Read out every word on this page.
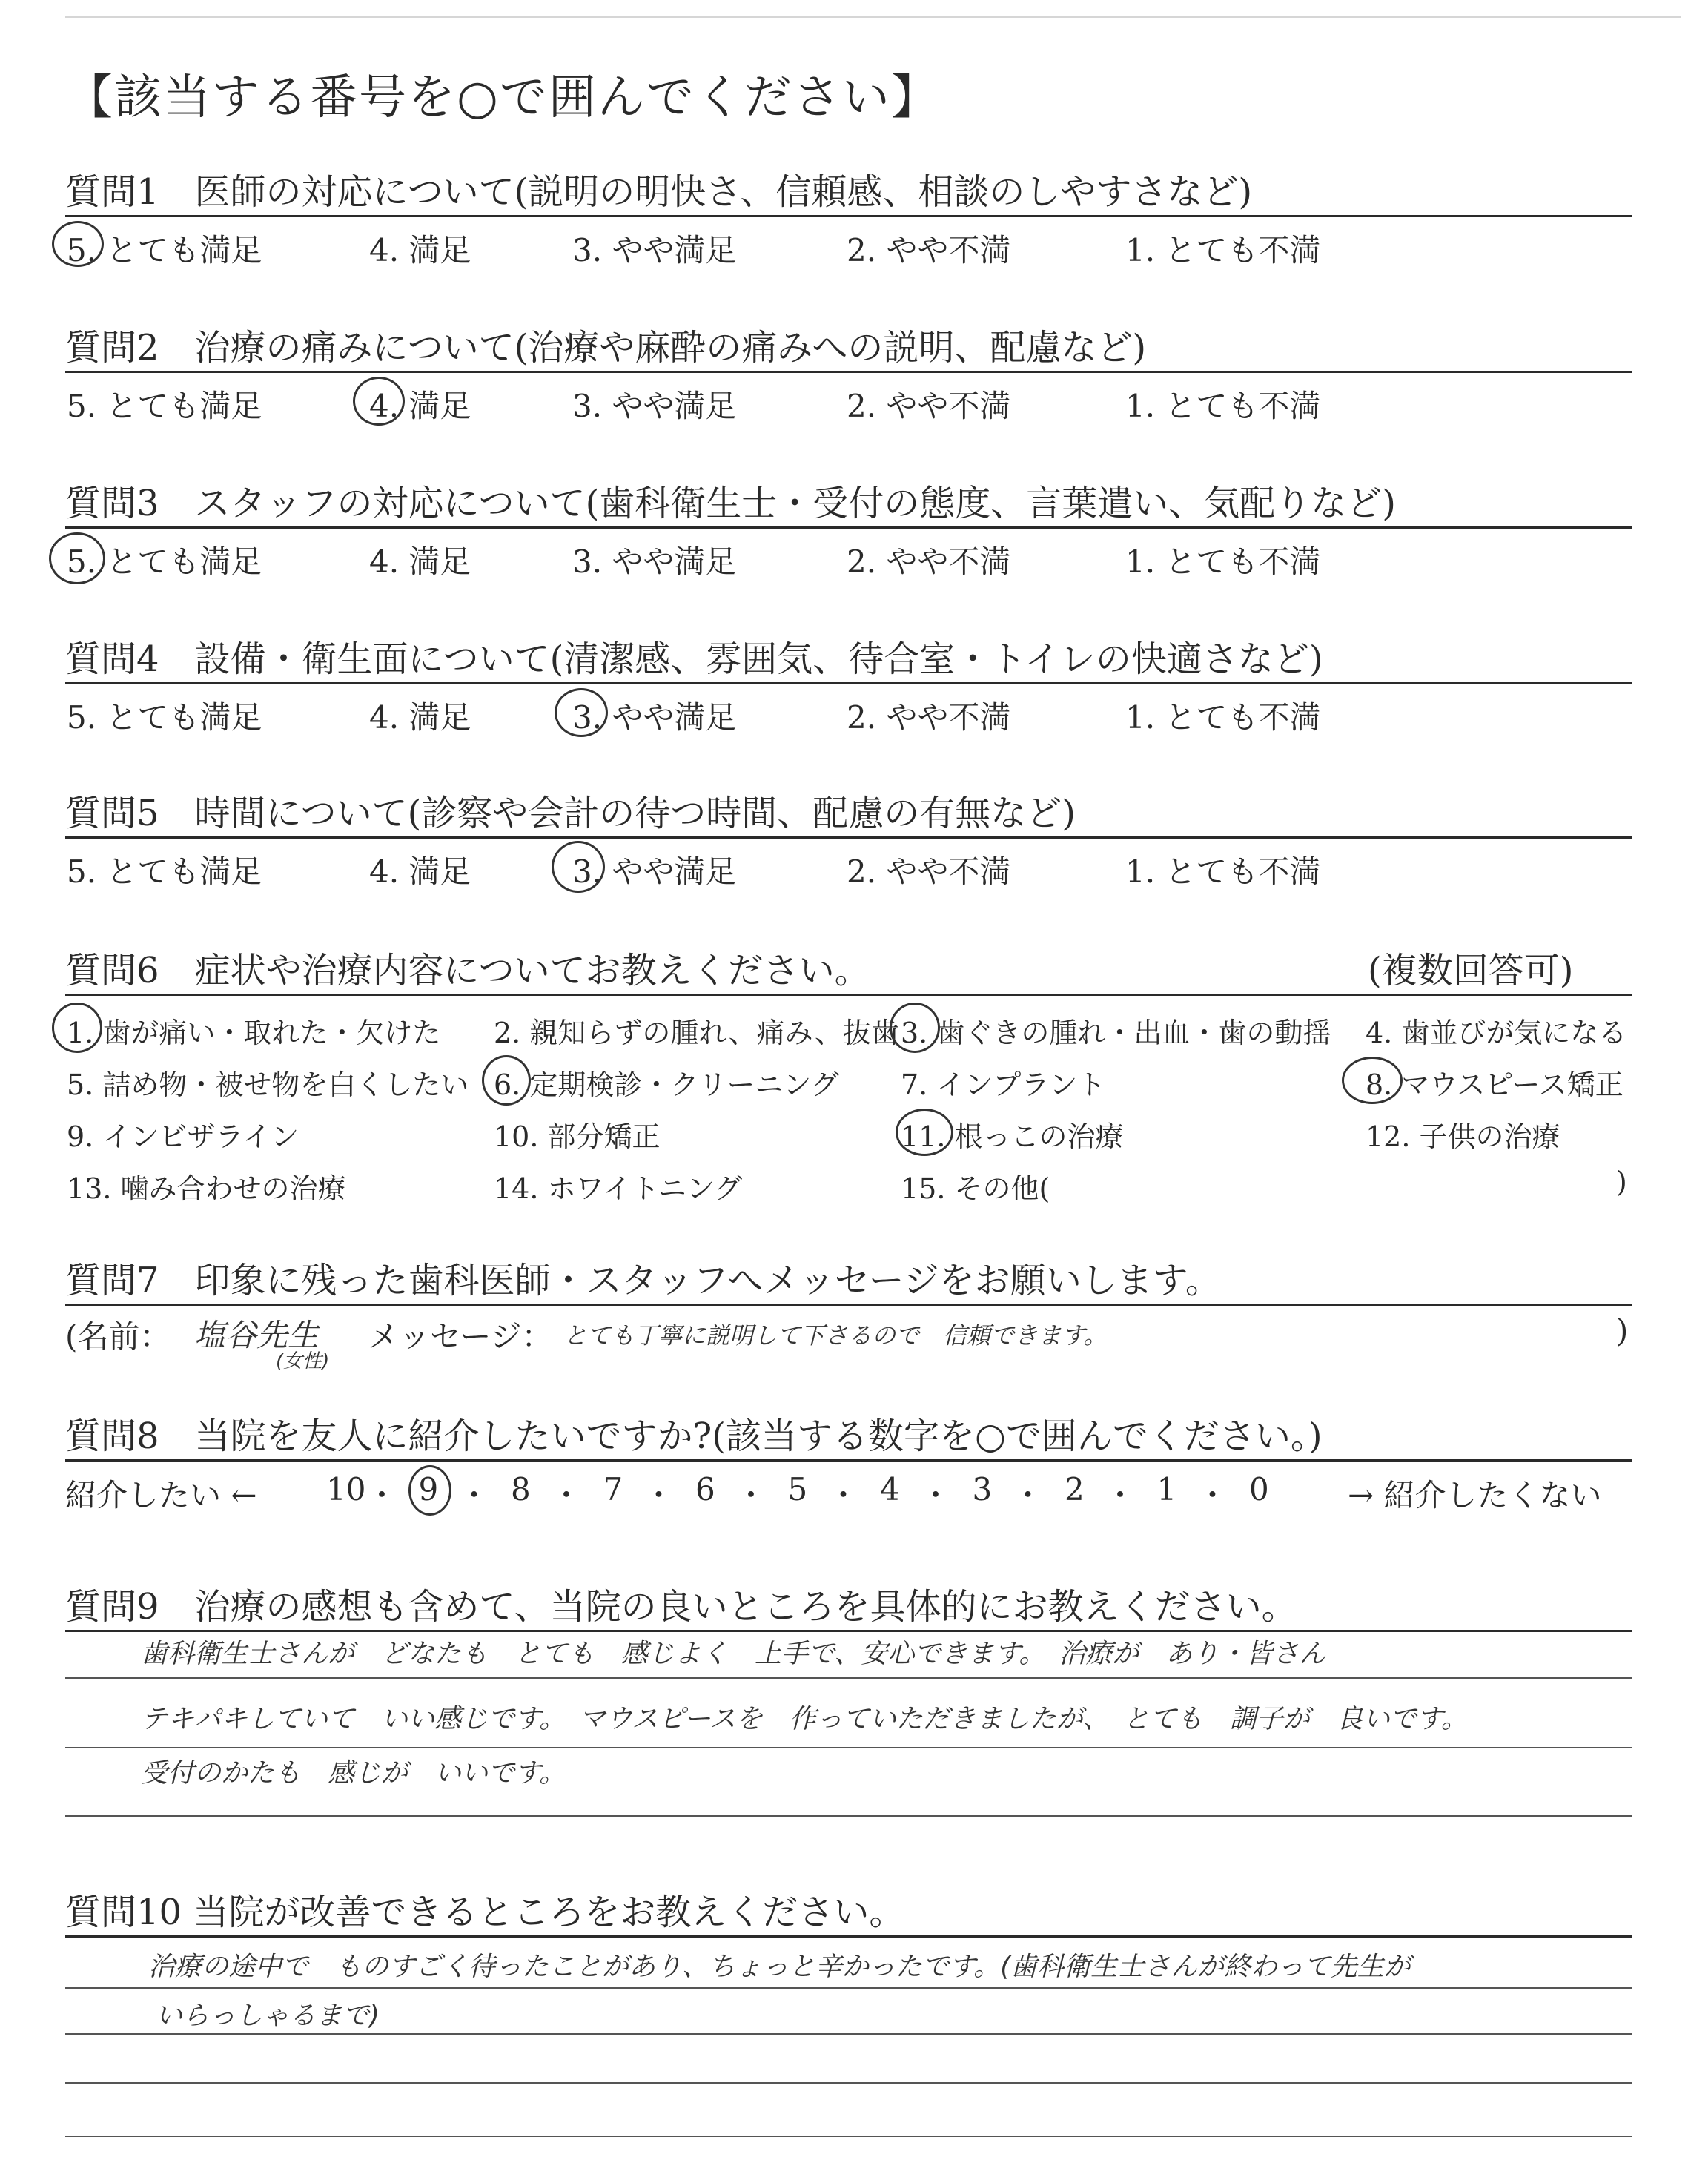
【該当する番号を○で囲んでください】
質問1　医師の対応について(説明の明快さ、信頼感、相談のしやすさなど)
5. とても満足	4. 満足	3. やや満足	2. やや不満	1. とても不満
質問2　治療の痛みについて(治療や麻酔の痛みへの説明、配慮など)
5. とても満足	4. 満足	3. やや満足	2. やや不満	1. とても不満
質問3　スタッフの対応について(歯科衛生士・受付の態度、言葉遣い、気配りなど)
5. とても満足	4. 満足	3. やや満足	2. やや不満	1. とても不満
質問4　設備・衛生面について(清潔感、雰囲気、待合室・トイレの快適さなど)
5. とても満足	4. 満足	3. やや満足	2. やや不満	1. とても不満
質問5　時間について(診察や会計の待つ時間、配慮の有無など)
5. とても満足	4. 満足	3. やや満足	2. やや不満	1. とても不満
質問6　症状や治療内容についてお教えください。	(複数回答可)
1. 歯が痛い・取れた・欠けた 2. 親知らずの腫れ、痛み、抜歯 3. 歯ぐきの腫れ・出血・歯の動揺 4. 歯並びが気になる
5. 詰め物・被せ物を白くしたい 6. 定期検診・クリーニング 7. インプラント	8. マウスピース矯正
9. インビザライン	10. 部分矯正	11. 根っこの治療	12. 子供の治療
13. 噛み合わせの治療	14. ホワイトニング	15. その他(	)
質問7　印象に残った歯科医師・スタッフへメッセージをお願いします。
(名前： 塩谷先生
(女性)
メッセージ： とても丁寧に説明して下さるので　信頼できます。	)
質問8　当院を友人に紹介したいですか?(該当する数字を○で囲んでください。)
紹介したい ←	→ 紹介したくない
10 ・ 9 ・ 8 ・ 7 ・ 6 ・ 5 ・ 4 ・ 3 ・ 2 ・ 1 ・ 0
質問9　治療の感想も含めて、当院の良いところを具体的にお教えください。
歯科衛生士さんが　どなたも　とても　感じよく　上手で、安心できます。　治療が　あり・皆さん
テキパキしていて　いい感じです。　マウスピースを　作っていただきましたが、　とても　調子が　良いです。
受付のかたも　感じが　いいです。
質問10 当院が改善できるところをお教えください。
治療の途中で　ものすごく待ったことがあり、ちょっと辛かったです。(歯科衛生士さんが終わって先生が
いらっしゃるまで)
